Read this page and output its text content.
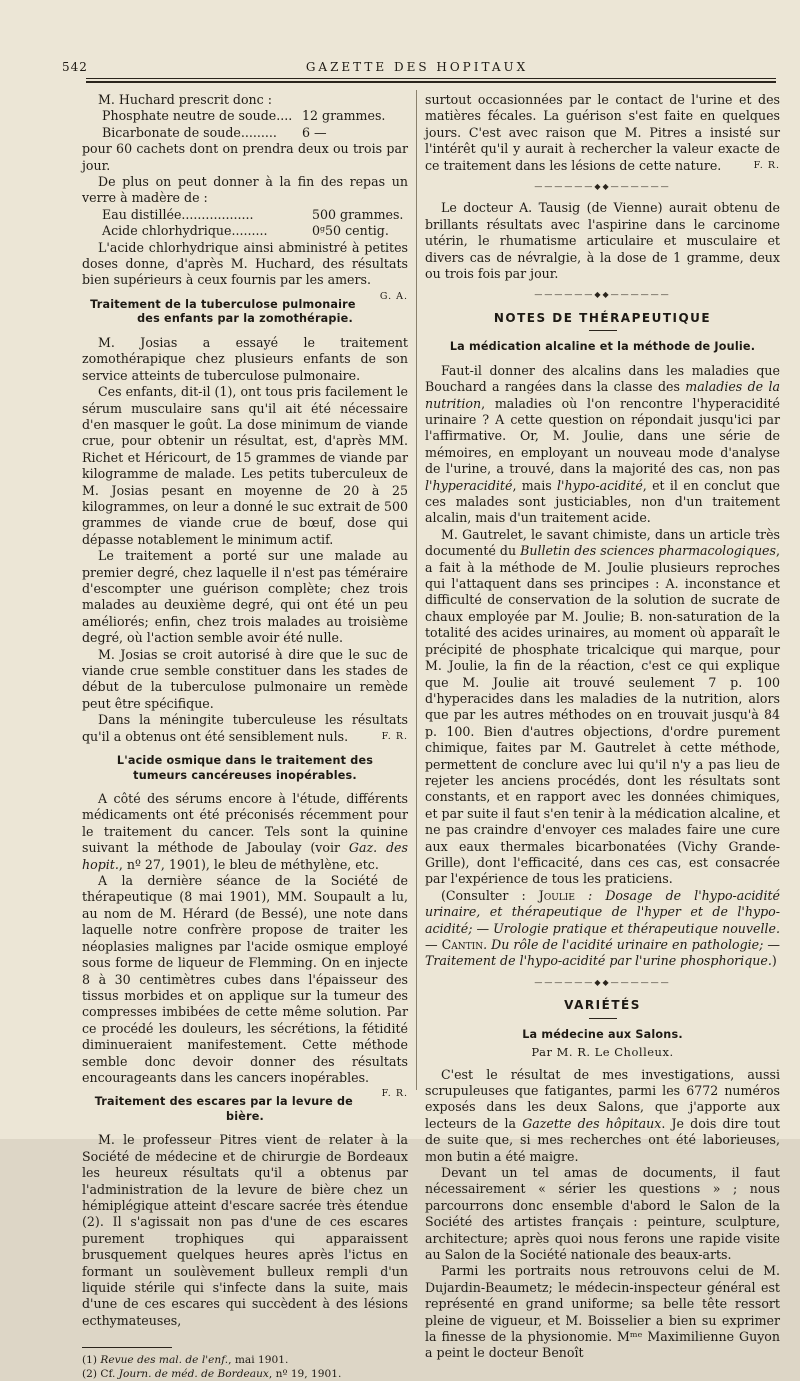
542	GAZETTE DES HOPITAUX

M. Huchard prescrit donc :

Phosphate neutre de soude.... 12 grammes.
Bicarbonate de soude.........	6 —

pour 60 cachets dont on prendra deux ou trois par jour.

De plus on peut donner à la fin des repas un verre à madère de :

Eau distillée..................	500 grammes.
Acide chlorhydrique.........	0ᵍ50 centig.

L'acide chlorhydrique ainsi abministré à petites doses donne, d'après M. Huchard, des résultats bien supérieurs à ceux fournis par les amers.
G. A.

Traitement de la tuberculose pulmonaire des enfants par la zomothérapie.

M. Josias a essayé le traitement zomothérapique chez plusieurs enfants de son service atteints de tuberculose pulmonaire.

Ces enfants, dit-il (1), ont tous pris facilement le sérum musculaire sans qu'il ait été nécessaire d'en masquer le goût. La dose minimum de viande crue, pour obtenir un résultat, est, d'après MM. Richet et Héricourt, de 15 grammes de viande par kilogramme de malade. Les petits tuberculeux de M. Josias pesant en moyenne de 20 à 25 kilogrammes, on leur a donné le suc extrait de 500 grammes de viande crue de bœuf, dose qui dépasse notablement le minimum actif.

Le traitement a porté sur une malade au premier degré, chez laquelle il n'est pas téméraire d'escompter une guérison complète; chez trois malades au deuxième degré, qui ont été un peu améliorés; enfin, chez trois malades au troisième degré, où l'action semble avoir été nulle.

M. Josias se croit autorisé à dire que le suc de viande crue semble constituer dans les stades de début de la tuberculose pulmonaire un remède peut être spécifique.

Dans la méningite tuberculeuse les résultats qu'il a obtenus ont été sensiblement nuls.	F. R.

L'acide osmique dans le traitement des tumeurs cancéreuses inopérables.

A côté des sérums encore à l'étude, différents médicaments ont été préconisés récemment pour le traitement du cancer. Tels sont la quinine suivant la méthode de Jaboulay (voir Gaz. des hopit., nº 27, 1901), le bleu de méthylène, etc.

A la dernière séance de la Société de thérapeutique (8 mai 1901), MM. Soupault a lu, au nom de M. Hérard (de Bessé), une note dans laquelle notre confrère propose de traiter les néoplasies malignes par l'acide osmique employé sous forme de liqueur de Flemming. On en injecte 8 à 30 centimètres cubes dans l'épaisseur des tissus morbides et on applique sur la tumeur des compresses imbibées de cette même solution. Par ce procédé les douleurs, les sécrétions, la fétidité diminueraient manifestement. Cette méthode semble donc devoir donner des résultats encourageants dans les cancers inopérables.
F. R.

Traitement des escares par la levure de bière.

M. le professeur Pitres vient de relater à la Société de médecine et de chirurgie de Bordeaux les heureux résultats qu'il a obtenus par l'administration de la levure de bière chez un hémiplégique atteint d'escare sacrée très étendue (2). Il s'agissait non pas d'une de ces escares purement trophiques qui apparaissent brusquement quelques heures après l'ictus en formant un soulèvement bulleux rempli d'un liquide stérile qui s'infecte dans la suite, mais d'une de ces escares qui succèdent à des lésions ecthymateuses,

(1) Revue des mal. de l'enf., mai 1901.

(2) Cf. Journ. de méd. de Bordeaux, nº 19, 1901.

surtout occasionnées par le contact de l'urine et des matières fécales. La guérison s'est faite en quelques jours. C'est avec raison que M. Pitres a insisté sur l'intérêt qu'il y aurait à rechercher la valeur exacte de ce traitement dans les lésions de cette nature.	F. R.

——————◆◆——————

Le docteur A. Tausig (de Vienne) aurait obtenu de brillants résultats avec l'aspirine dans le carcinome utérin, le rhumatisme articulaire et musculaire et divers cas de névralgie, à la dose de 1 gramme, deux ou trois fois par jour.

——————◆◆——————
NOTES DE THÉRAPEUTIQUE
La médication alcaline et la méthode de Joulie.

Faut-il donner des alcalins dans les maladies que Bouchard a rangées dans la classe des maladies de la nutrition, maladies où l'on rencontre l'hyperacidité urinaire ? A cette question on répondait jusqu'ici par l'affirmative. Or, M. Joulie, dans une série de mémoires, en employant un nouveau mode d'analyse de l'urine, a trouvé, dans la majorité des cas, non pas l'hyperacidité, mais l'hypo-acidité, et il en conclut que ces malades sont justiciables, non d'un traitement alcalin, mais d'un traitement acide.

M. Gautrelet, le savant chimiste, dans un article très documenté du Bulletin des sciences pharmacologiques, a fait à la méthode de M. Joulie plusieurs reproches qui l'attaquent dans ses principes : A. inconstance et difficulté de conservation de la solution de sucrate de chaux employée par M. Joulie; B. non-saturation de la totalité des acides urinaires, au moment où apparaît le précipité de phosphate tricalcique qui marque, pour M. Joulie, la fin de la réaction, c'est ce qui explique que M. Joulie ait trouvé seulement 7 p. 100 d'hyperacides dans les maladies de la nutrition, alors que par les autres méthodes on en trouvait jusqu'à 84 p. 100. Bien d'autres objections, d'ordre purement chimique, faites par M. Gautrelet à cette méthode, permettent de conclure avec lui qu'il n'y a pas lieu de rejeter les anciens procédés, dont les résultats sont constants, et en rapport avec les données chimiques, et par suite il faut s'en tenir à la médication alcaline, et ne pas craindre d'envoyer ces malades faire une cure aux eaux thermales bicarbonatées (Vichy Grande-Grille), dont l'efficacité, dans ces cas, est consacrée par l'expérience de tous les praticiens.

(Consulter : Joulie : Dosage de l'hypo-acidité urinaire, et thérapeutique de l'hyper et de l'hypo-acidité; — Urologie pratique et thérapeutique nouvelle. — Cantin. Du rôle de l'acidité urinaire en pathologie; — Traitement de l'hypo-acidité par l'urine phosphorique.)

——————◆◆——————
VARIÉTÉS
La médecine aux Salons.
Par M. R. Le Cholleux.

C'est le résultat de mes investigations, aussi scrupuleuses que fatigantes, parmi les 6772 numéros exposés dans les deux Salons, que j'apporte aux lecteurs de la Gazette des hôpitaux. Je dois dire tout de suite que, si mes recherches ont été laborieuses, mon butin a été maigre.

Devant un tel amas de documents, il faut nécessairement « sérier les questions » ; nous parcourrons donc ensemble d'abord le Salon de la Société des artistes français : peinture, sculpture, architecture; après quoi nous ferons une rapide visite au Salon de la Société nationale des beaux-arts.

Parmi les portraits nous retrouvons celui de M. Dujardin-Beaumetz; le médecin-inspecteur général est représenté en grand uniforme; sa belle tête ressort pleine de vigueur, et M. Boisselier a bien su exprimer la finesse de la physionomie. Mᵐᵉ Maximilienne Guyon a peint le docteur Benoît
